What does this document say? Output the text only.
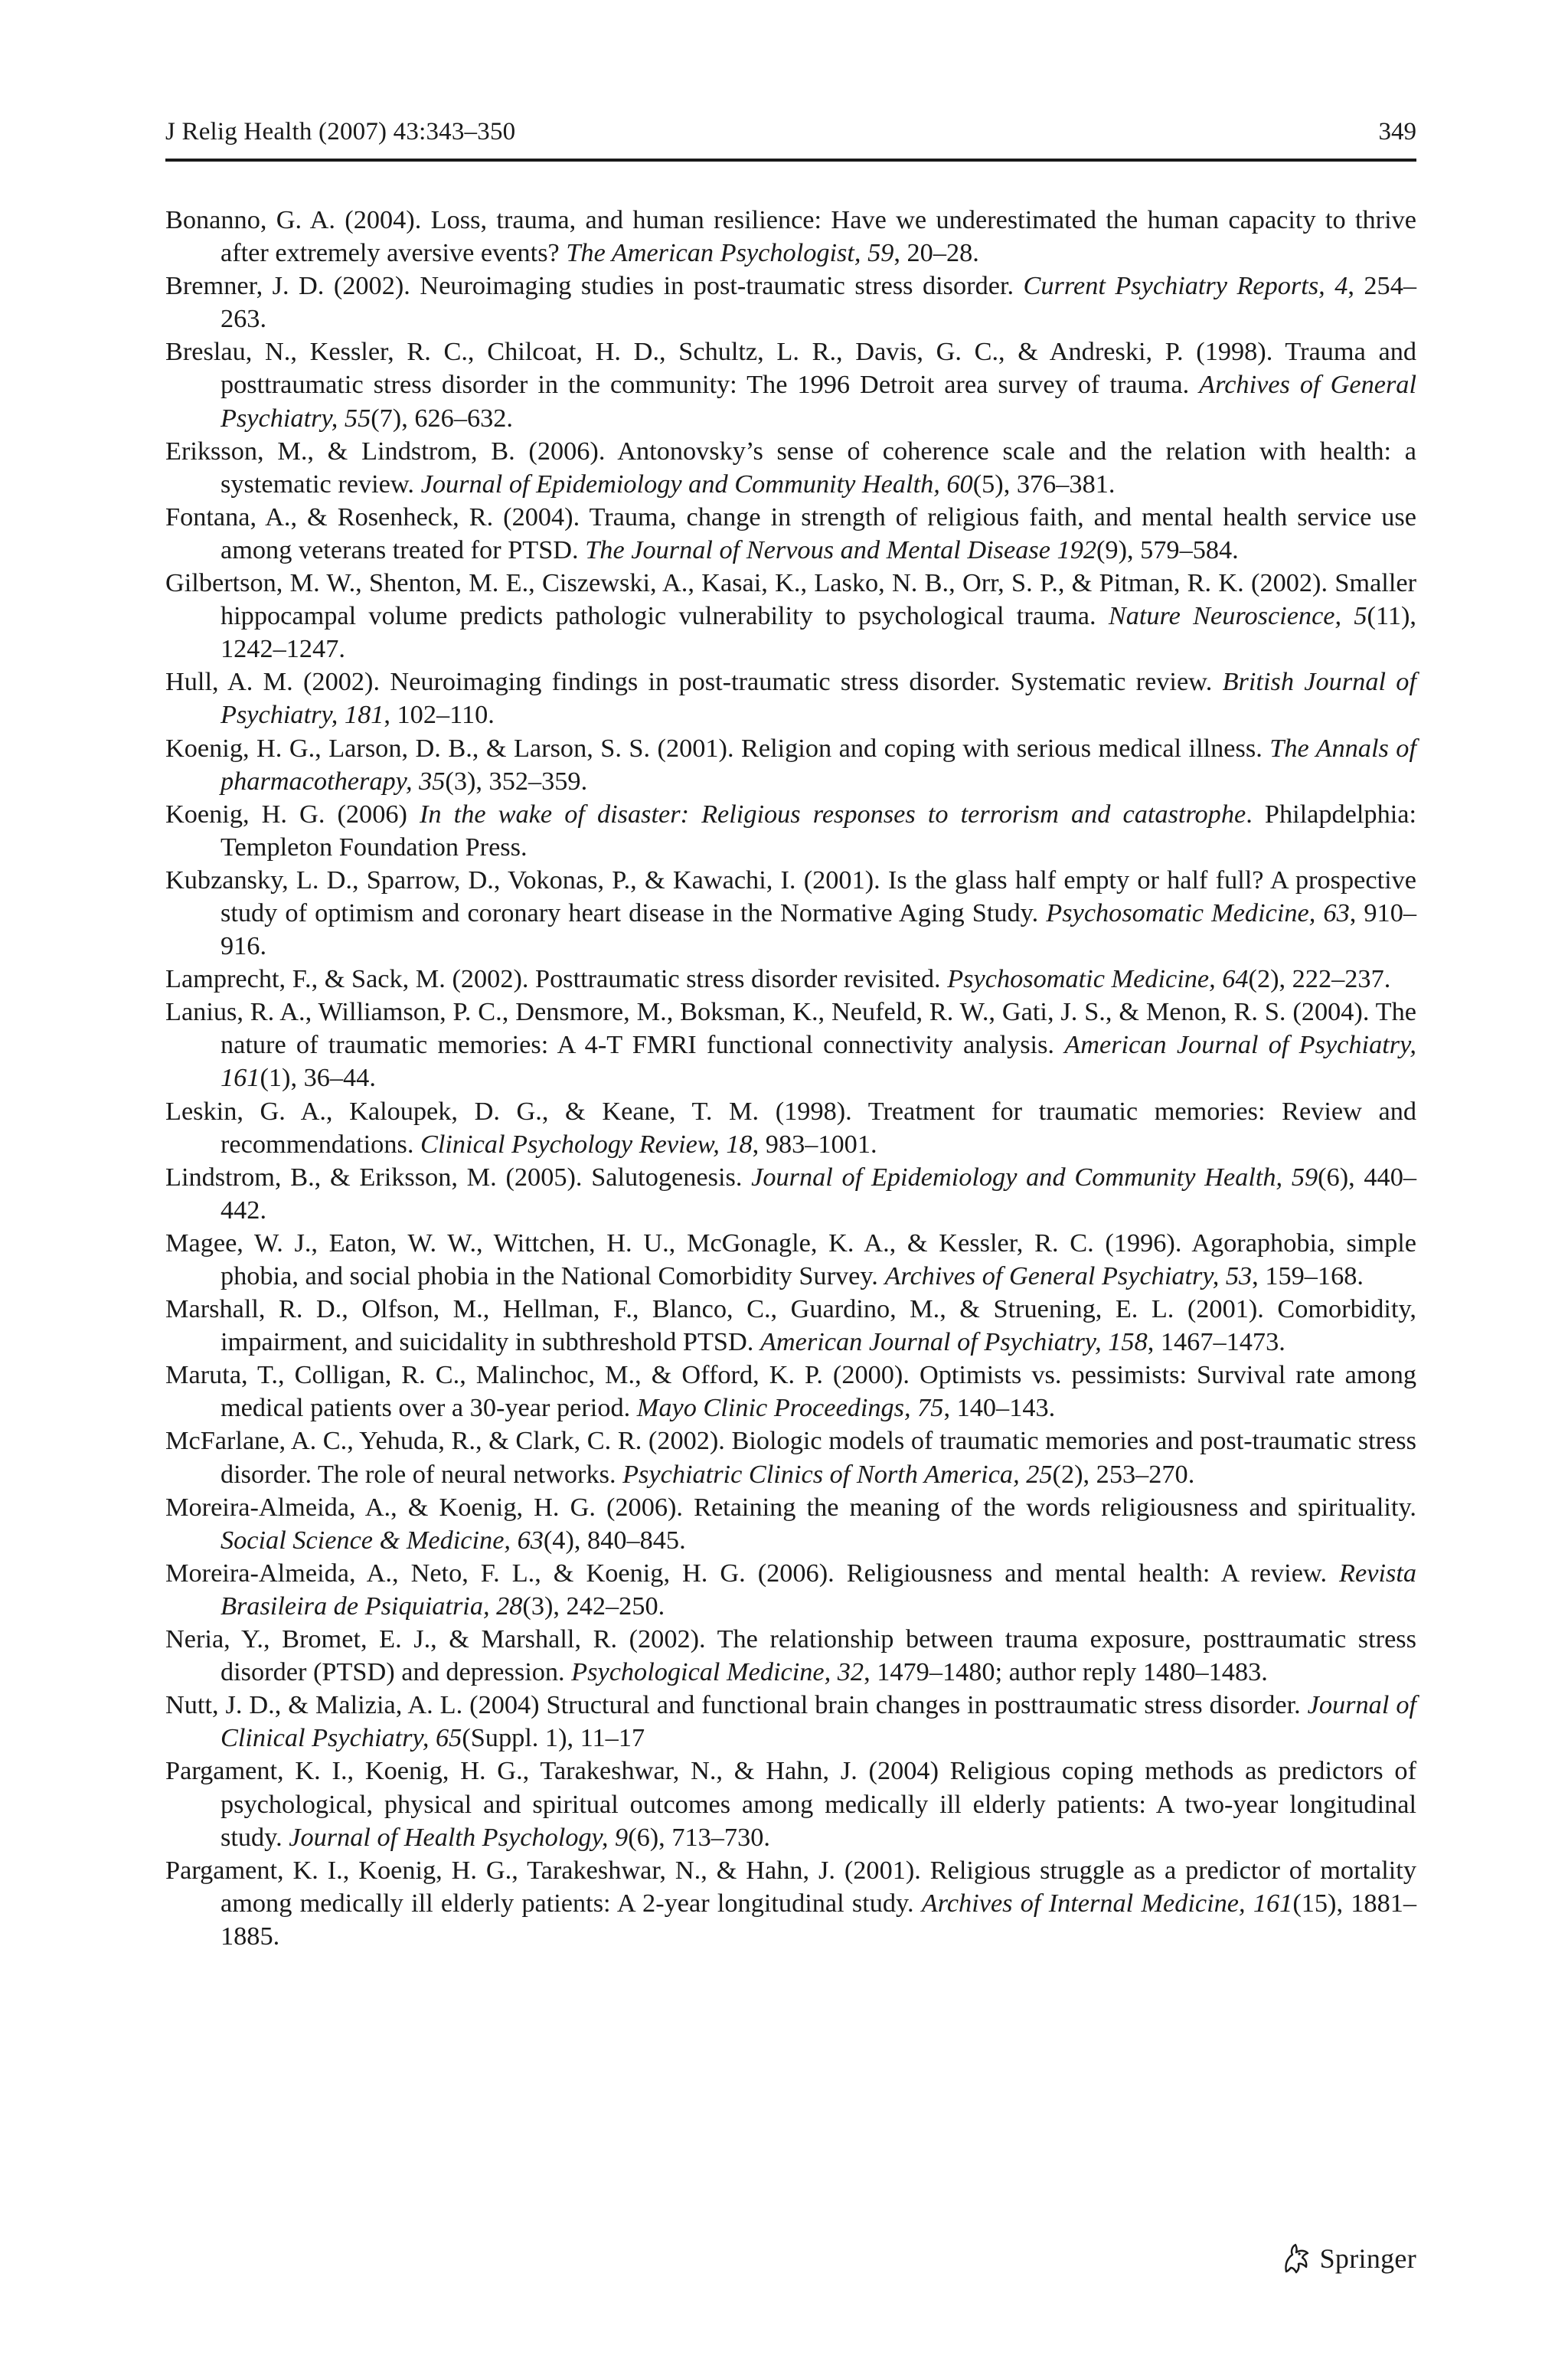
J Relig Health (2007) 43:343–350	349
Bonanno, G. A. (2004). Loss, trauma, and human resilience: Have we underestimated the human capacity to thrive after extremely aversive events? The American Psychologist, 59, 20–28.
Bremner, J. D. (2002). Neuroimaging studies in post-traumatic stress disorder. Current Psychiatry Reports, 4, 254–263.
Breslau, N., Kessler, R. C., Chilcoat, H. D., Schultz, L. R., Davis, G. C., & Andreski, P. (1998). Trauma and posttraumatic stress disorder in the community: The 1996 Detroit area survey of trauma. Archives of General Psychiatry, 55(7), 626–632.
Eriksson, M., & Lindstrom, B. (2006). Antonovsky’s sense of coherence scale and the relation with health: a systematic review. Journal of Epidemiology and Community Health, 60(5), 376–381.
Fontana, A., & Rosenheck, R. (2004). Trauma, change in strength of religious faith, and mental health service use among veterans treated for PTSD. The Journal of Nervous and Mental Disease 192(9), 579–584.
Gilbertson, M. W., Shenton, M. E., Ciszewski, A., Kasai, K., Lasko, N. B., Orr, S. P., & Pitman, R. K. (2002). Smaller hippocampal volume predicts pathologic vulnerability to psychological trauma. Nature Neuroscience, 5(11), 1242–1247.
Hull, A. M. (2002). Neuroimaging findings in post-traumatic stress disorder. Systematic review. British Journal of Psychiatry, 181, 102–110.
Koenig, H. G., Larson, D. B., & Larson, S. S. (2001). Religion and coping with serious medical illness. The Annals of pharmacotherapy, 35(3), 352–359.
Koenig, H. G. (2006) In the wake of disaster: Religious responses to terrorism and catastrophe. Philapdelphia: Templeton Foundation Press.
Kubzansky, L. D., Sparrow, D., Vokonas, P., & Kawachi, I. (2001). Is the glass half empty or half full? A prospective study of optimism and coronary heart disease in the Normative Aging Study. Psychosomatic Medicine, 63, 910–916.
Lamprecht, F., & Sack, M. (2002). Posttraumatic stress disorder revisited. Psychosomatic Medicine, 64(2), 222–237.
Lanius, R. A., Williamson, P. C., Densmore, M., Boksman, K., Neufeld, R. W., Gati, J. S., & Menon, R. S. (2004). The nature of traumatic memories: A 4-T FMRI functional connectivity analysis. American Journal of Psychiatry, 161(1), 36–44.
Leskin, G. A., Kaloupek, D. G., & Keane, T. M. (1998). Treatment for traumatic memories: Review and recommendations. Clinical Psychology Review, 18, 983–1001.
Lindstrom, B., & Eriksson, M. (2005). Salutogenesis. Journal of Epidemiology and Community Health, 59(6), 440–442.
Magee, W. J., Eaton, W. W., Wittchen, H. U., McGonagle, K. A., & Kessler, R. C. (1996). Agoraphobia, simple phobia, and social phobia in the National Comorbidity Survey. Archives of General Psychiatry, 53, 159–168.
Marshall, R. D., Olfson, M., Hellman, F., Blanco, C., Guardino, M., & Struening, E. L. (2001). Comorbidity, impairment, and suicidality in subthreshold PTSD. American Journal of Psychiatry, 158, 1467–1473.
Maruta, T., Colligan, R. C., Malinchoc, M., & Offord, K. P. (2000). Optimists vs. pessimists: Survival rate among medical patients over a 30-year period. Mayo Clinic Proceedings, 75, 140–143.
McFarlane, A. C., Yehuda, R., & Clark, C. R. (2002). Biologic models of traumatic memories and post-traumatic stress disorder. The role of neural networks. Psychiatric Clinics of North America, 25(2), 253–270.
Moreira-Almeida, A., & Koenig, H. G. (2006). Retaining the meaning of the words religiousness and spirituality. Social Science & Medicine, 63(4), 840–845.
Moreira-Almeida, A., Neto, F. L., & Koenig, H. G. (2006). Religiousness and mental health: A review. Revista Brasileira de Psiquiatria, 28(3), 242–250.
Neria, Y., Bromet, E. J., & Marshall, R. (2002). The relationship between trauma exposure, posttraumatic stress disorder (PTSD) and depression. Psychological Medicine, 32, 1479–1480; author reply 1480–1483.
Nutt, J. D., & Malizia, A. L. (2004) Structural and functional brain changes in posttraumatic stress disorder. Journal of Clinical Psychiatry, 65(Suppl. 1), 11–17
Pargament, K. I., Koenig, H. G., Tarakeshwar, N., & Hahn, J. (2004) Religious coping methods as predictors of psychological, physical and spiritual outcomes among medically ill elderly patients: A two-year longitudinal study. Journal of Health Psychology, 9(6), 713–730.
Pargament, K. I., Koenig, H. G., Tarakeshwar, N., & Hahn, J. (2001). Religious struggle as a predictor of mortality among medically ill elderly patients: A 2-year longitudinal study. Archives of Internal Medicine, 161(15), 1881–1885.
Springer
